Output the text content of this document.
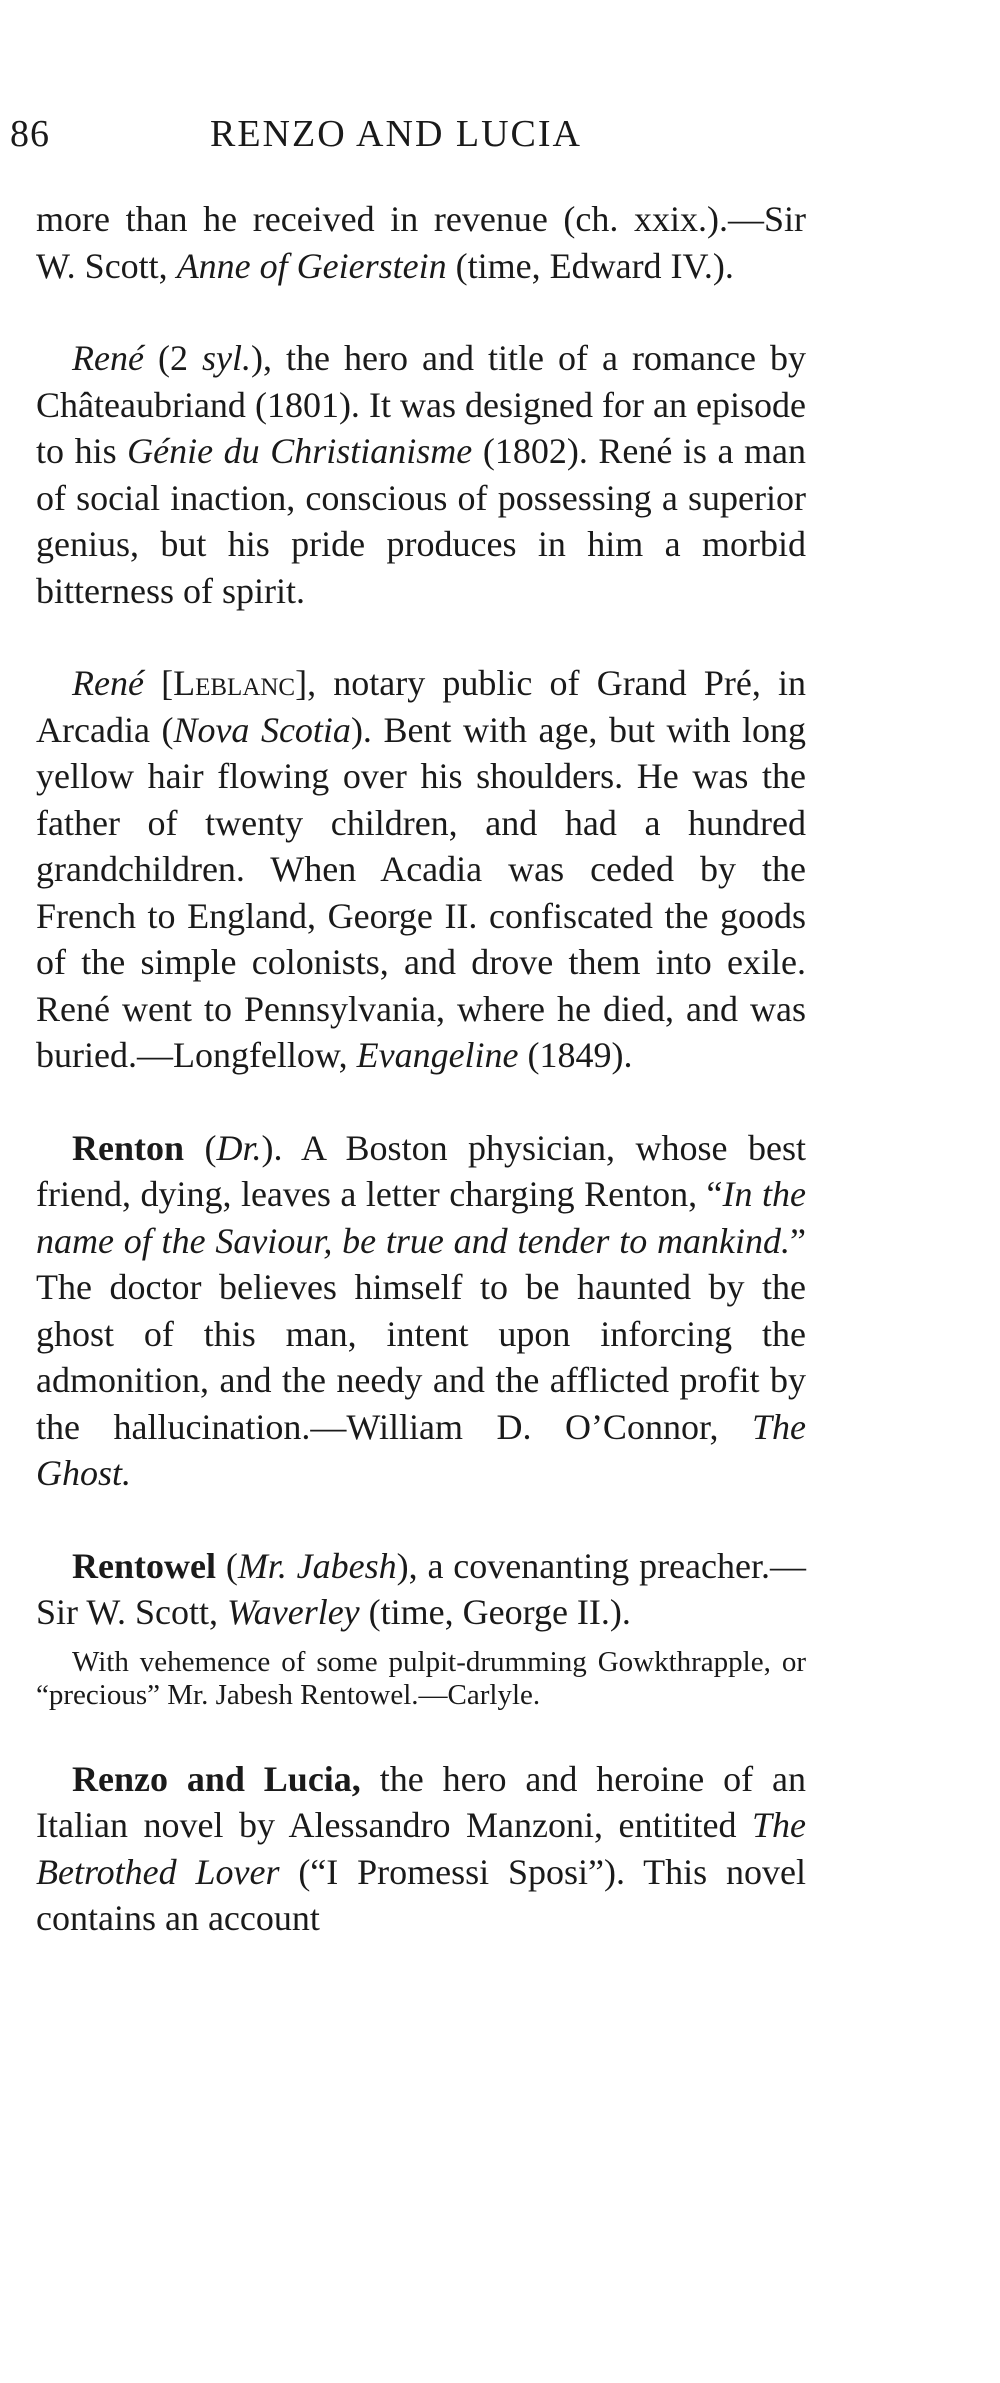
86	RENZO AND LUCIA

more than he received in revenue (ch. xxix.).—Sir W. Scott, Anne of Geierstein (time, Edward IV.).

René (2 syl.), the hero and title of a romance by Châteaubriand (1801). It was designed for an episode to his Génie du Christianisme (1802). René is a man of social inaction, conscious of possessing a superior genius, but his pride produces in him a morbid bitterness of spirit.

René [Leblanc], notary public of Grand Pré, in Arcadia (Nova Scotia). Bent with age, but with long yellow hair flowing over his shoulders. He was the father of twenty children, and had a hundred grandchildren. When Acadia was ceded by the French to England, George II. confiscated the goods of the simple colonists, and drove them into exile. René went to Pennsylvania, where he died, and was buried.—Longfellow, Evangeline (1849).

Renton (Dr.). A Boston physician, whose best friend, dying, leaves a letter charging Renton, “In the name of the Saviour, be true and tender to mankind.” The doctor believes himself to be haunted by the ghost of this man, intent upon inforcing the admonition, and the needy and the afflicted profit by the hallucination.—William D. O’Connor, The Ghost.

Rentowel (Mr. Jabesh), a covenanting preacher.—Sir W. Scott, Waverley (time, George II.).

With vehemence of some pulpit-drumming Gowkthrapple, or “precious” Mr. Jabesh Rentowel.—Carlyle.

Renzo and Lucia, the hero and heroine of an Italian novel by Alessandro Manzoni, entitited The Betrothed Lover (“I Promessi Sposi”). This novel contains an account
